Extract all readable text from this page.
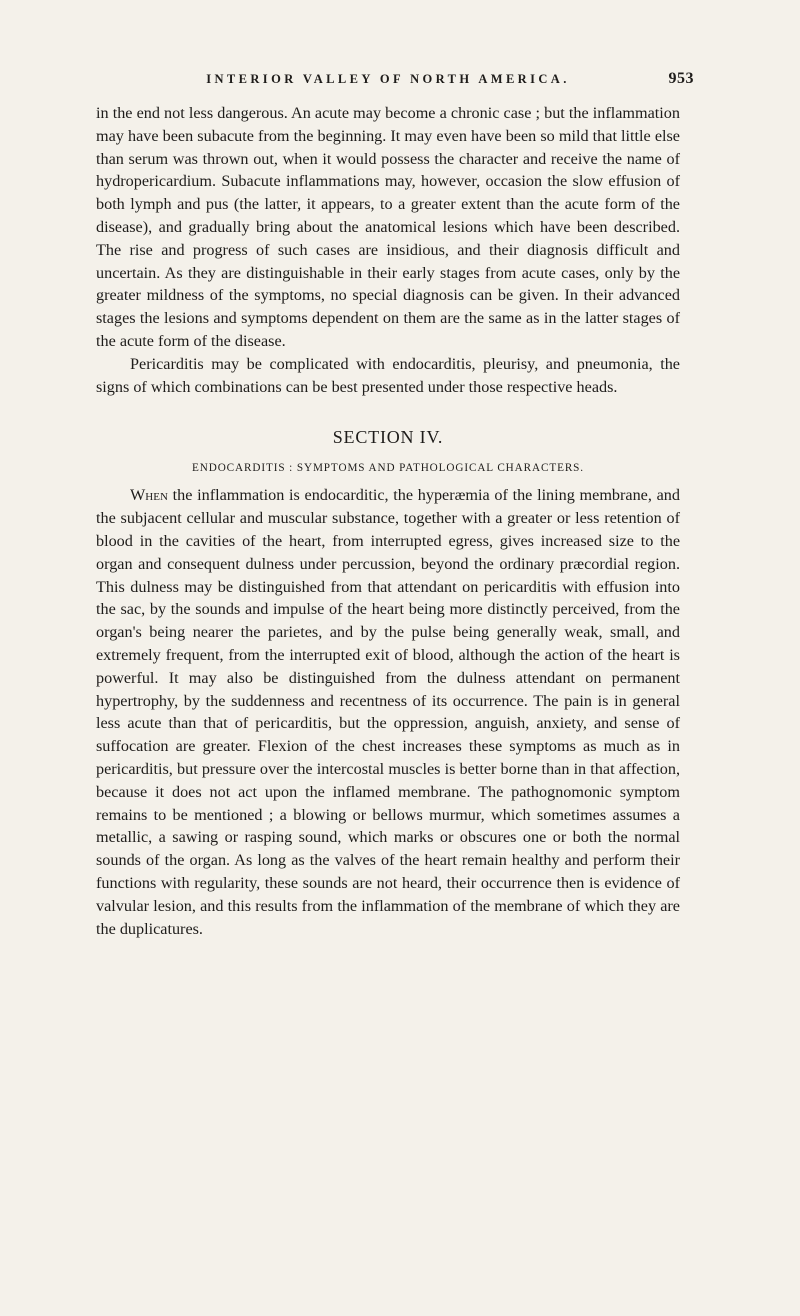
INTERIOR VALLEY OF NORTH AMERICA.	953

in the end not less dangerous. An acute may become a chronic case ; but the inflammation may have been subacute from the beginning. It may even have been so mild that little else than serum was thrown out, when it would possess the character and receive the name of hydropericardium. Subacute inflammations may, however, occasion the slow effusion of both lymph and pus (the latter, it appears, to a greater extent than the acute form of the disease), and gradually bring about the anatomical lesions which have been described. The rise and progress of such cases are insidious, and their diagnosis difficult and uncertain. As they are distinguishable in their early stages from acute cases, only by the greater mildness of the symptoms, no special diagnosis can be given. In their advanced stages the lesions and symptoms dependent on them are the same as in the latter stages of the acute form of the disease.

Pericarditis may be complicated with endocarditis, pleurisy, and pneumonia, the signs of which combinations can be best presented under those respective heads.

SECTION IV.
ENDOCARDITIS : SYMPTOMS AND PATHOLOGICAL CHARACTERS.

When the inflammation is endocarditic, the hyperæmia of the lining membrane, and the subjacent cellular and muscular substance, together with a greater or less retention of blood in the cavities of the heart, from interrupted egress, gives increased size to the organ and consequent dulness under percussion, beyond the ordinary præcordial region. This dulness may be distinguished from that attendant on pericarditis with effusion into the sac, by the sounds and impulse of the heart being more distinctly perceived, from the organ's being nearer the parietes, and by the pulse being generally weak, small, and extremely frequent, from the interrupted exit of blood, although the action of the heart is powerful. It may also be distinguished from the dulness attendant on permanent hypertrophy, by the suddenness and recentness of its occurrence. The pain is in general less acute than that of pericarditis, but the oppression, anguish, anxiety, and sense of suffocation are greater. Flexion of the chest increases these symptoms as much as in pericarditis, but pressure over the intercostal muscles is better borne than in that affection, because it does not act upon the inflamed membrane. The pathognomonic symptom remains to be mentioned ; a blowing or bellows murmur, which sometimes assumes a metallic, a sawing or rasping sound, which marks or obscures one or both the normal sounds of the organ. As long as the valves of the heart remain healthy and perform their functions with regularity, these sounds are not heard, their occurrence then is evidence of valvular lesion, and this results from the inflammation of the membrane of which they are the duplicatures.
